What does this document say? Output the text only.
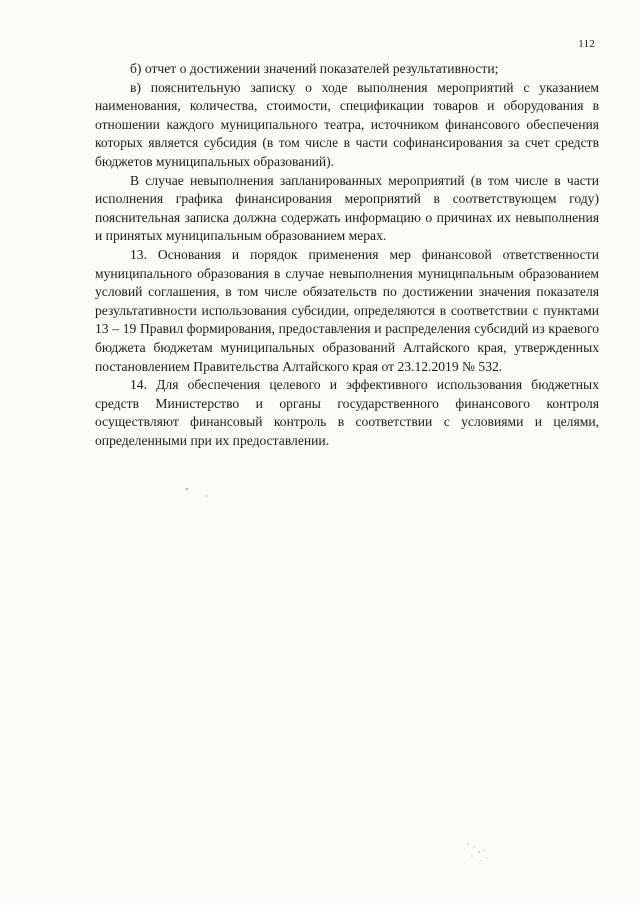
112

б) отчет о достижении значений показателей результативности;

в) пояснительную записку о ходе выполнения мероприятий с указанием наименования, количества, стоимости, спецификации товаров и оборудования в отношении каждого муниципального театра, источником финансового обеспечения которых является субсидия (в том числе в части софинансирования за счет средств бюджетов муниципальных образований).

В случае невыполнения запланированных мероприятий (в том числе в части исполнения графика финансирования мероприятий в соответствующем году) пояснительная записка должна содержать информацию о причинах их невыполнения и принятых муниципальным образованием мерах.

13. Основания и порядок применения мер финансовой ответственности муниципального образования в случае невыполнения муниципальным образованием условий соглашения, в том числе обязательств по достижении значения показателя результативности использования субсидии, определяются в соответствии с пунктами 13 – 19 Правил формирования, предоставления и распределения субсидий из краевого бюджета бюджетам муниципальных образований Алтайского края, утвержденных постановлением Правительства Алтайского края от 23.12.2019 № 532.

14. Для обеспечения целевого и эффективного использования бюджетных средств Министерство и органы государственного финансового контроля осуществляют финансовый контроль в соответствии с условиями и целями, определенными при их предоставлении.
